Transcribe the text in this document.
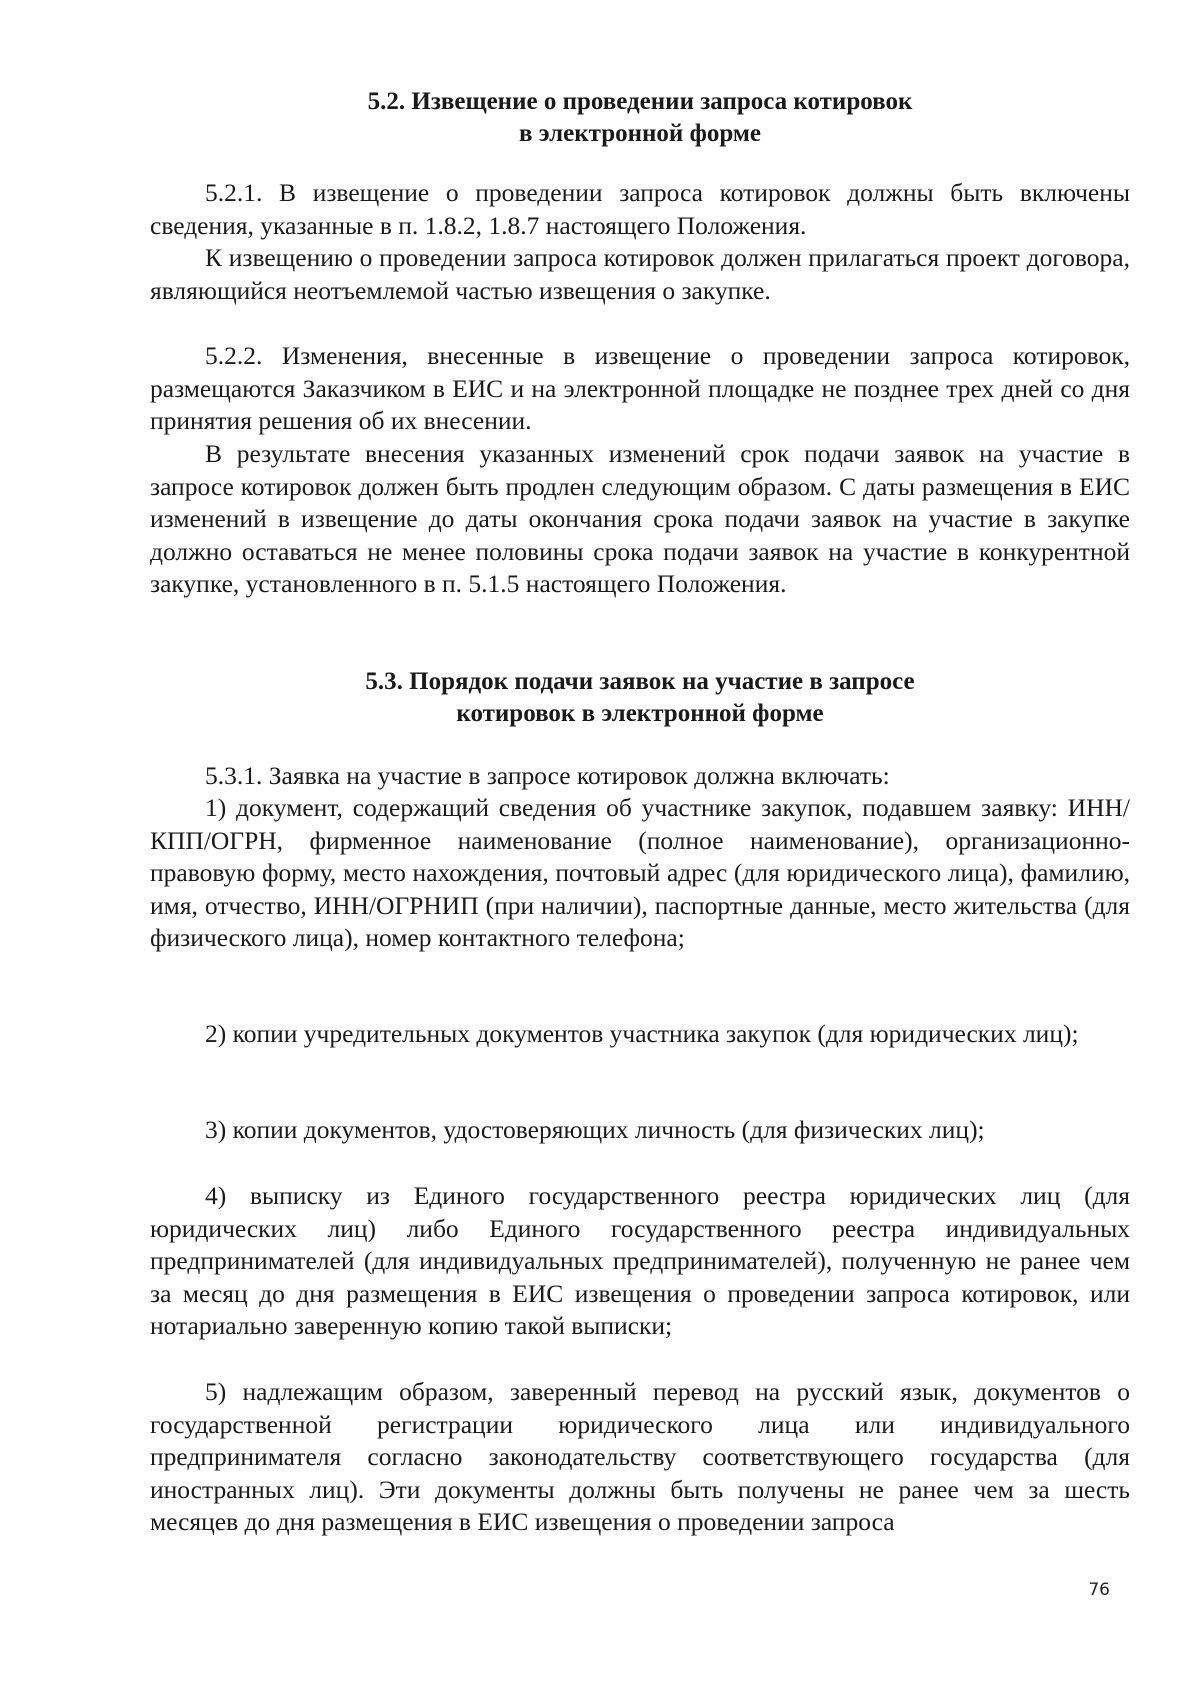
5.2. Извещение о проведении запроса котировок
в электронной форме

5.2.1. В извещение о проведении запроса котировок должны быть включены сведения, указанные в п. 1.8.2, 1.8.7 настоящего Положения.

К извещению о проведении запроса котировок должен прилагаться проект договора, являющийся неотъемлемой частью извещения о закупке.

5.2.2. Изменения, внесенные в извещение о проведении запроса котировок, размещаются Заказчиком в ЕИС и на электронной площадке не позднее трех дней со дня принятия решения об их внесении.

В результате внесения указанных изменений срок подачи заявок на участие в запросе котировок должен быть продлен следующим образом. С даты размещения в ЕИС изменений в извещение до даты окончания срока подачи заявок на участие в закупке должно оставаться не менее половины срока подачи заявок на участие в конкурентной закупке, установленного в п. 5.1.5 настоящего Положения.

5.3. Порядок подачи заявок на участие в запросе
котировок в электронной форме

5.3.1. Заявка на участие в запросе котировок должна включать:

1) документ, содержащий сведения об участнике закупок, подавшем заявку: ИНН/КПП/ОГРН, фирменное наименование (полное наименование), организационно-правовую форму, место нахождения, почтовый адрес (для юридического лица), фамилию, имя, отчество, ИНН/ОГРНИП (при наличии), паспортные данные, место жительства (для физического лица), номер контактного телефона;

2) копии учредительных документов участника закупок (для юридических лиц);

3) копии документов, удостоверяющих личность (для физических лиц);

4) выписку из Единого государственного реестра юридических лиц (для юридических лиц) либо Единого государственного реестра индивидуальных предпринимателей (для индивидуальных предпринимателей), полученную не ранее чем за месяц до дня размещения в ЕИС извещения о проведении запроса котировок, или нотариально заверенную копию такой выписки;

5) надлежащим образом, заверенный перевод на русский язык, документов о государственной регистрации юридического лица или индивидуального предпринимателя согласно законодательству соответствующего государства (для иностранных лиц). Эти документы должны быть получены не ранее чем за шесть месяцев до дня размещения в ЕИС извещения о проведении запроса

76
